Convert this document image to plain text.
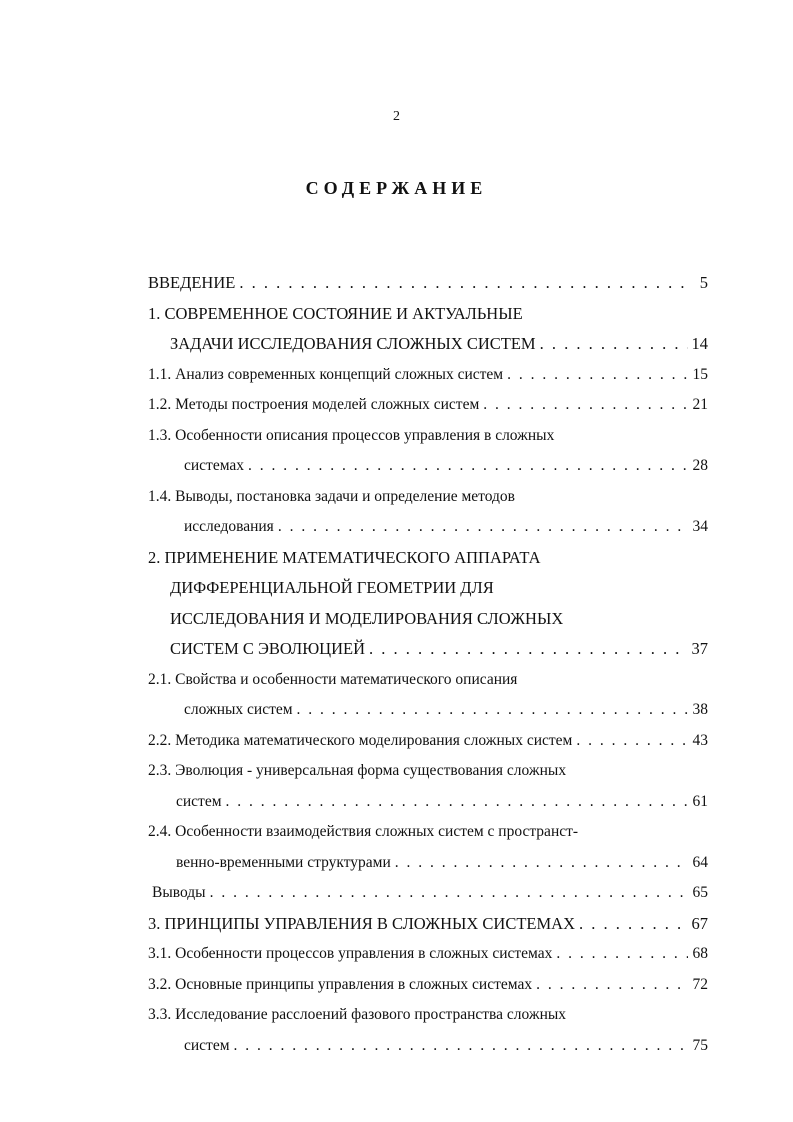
2
СОДЕРЖАНИЕ
ВВЕДЕНИЕ . . .	5
1. СОВРЕМЕННОЕ СОСТОЯНИЕ И АКТУАЛЬНЫЕ
ЗАДАЧИ ИССЛЕДОВАНИЯ СЛОЖНЫХ СИСТЕМ . . .	14
1.1. Анализ современных концепций сложных систем . . .	15
1.2. Методы построения моделей сложных систем . . .	21
1.3. Особенности описания процессов управления в сложных
системах . . .	28
1.4. Выводы, постановка задачи и определение методов
исследования . . .	34
2. ПРИМЕНЕНИЕ МАТЕМАТИЧЕСКОГО АППАРАТА
ДИФФЕРЕНЦИАЛЬНОЙ ГЕОМЕТРИИ ДЛЯ
ИССЛЕДОВАНИЯ И МОДЕЛИРОВАНИЯ СЛОЖНЫХ
СИСТЕМ С ЭВОЛЮЦИЕЙ . . .	37
2.1. Свойства и особенности математического описания
сложных систем . . .	38
2.2. Методика математического моделирования сложных систем . . .	43
2.3. Эволюция - универсальная форма существования сложных
систем . . .	61
2.4. Особенности взаимодействия сложных систем с пространст-
венно-временными структурами . . .	64
Выводы . . .	65
3. ПРИНЦИПЫ УПРАВЛЕНИЯ В СЛОЖНЫХ СИСТЕМАХ . . .	67
3.1. Особенности процессов управления в сложных системах . . .	68
3.2. Основные принципы управления в сложных системах . . .	72
3.3. Исследование расслоений фазового пространства сложных
систем . . .	75
